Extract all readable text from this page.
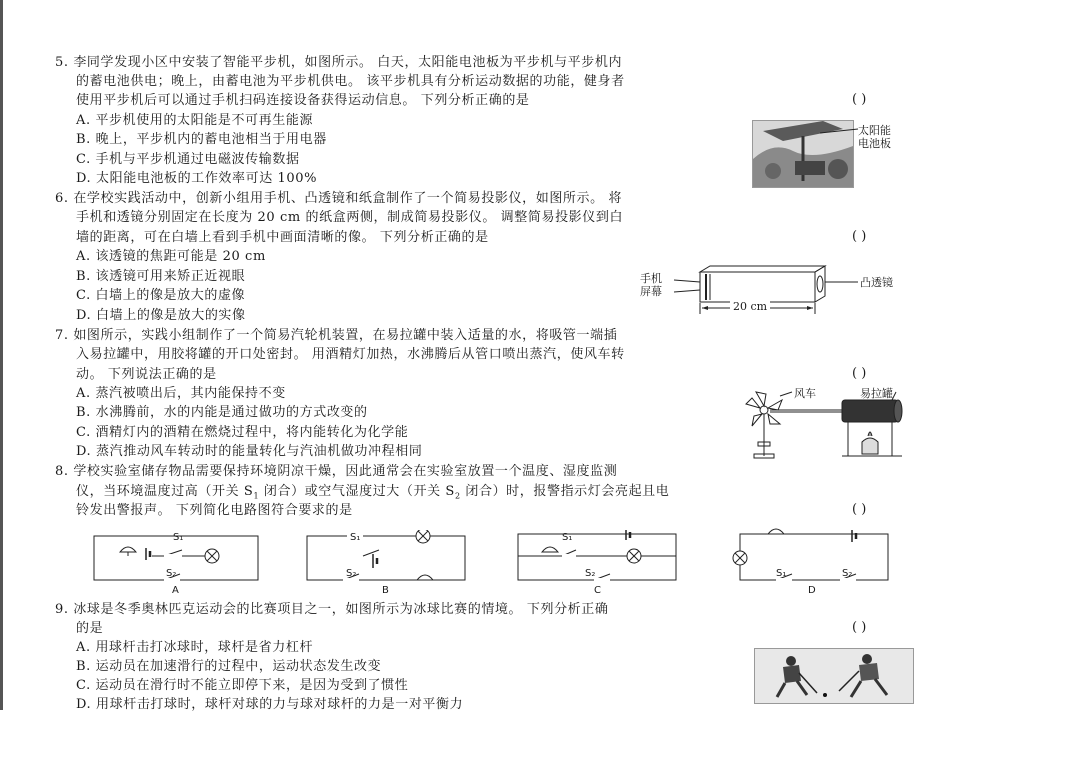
5. 李同学发现小区中安装了智能平步机，如图所示。 白天，太阳能电池板为平步机与平步机内
的蓄电池供电；晚上，由蓄电池为平步机供电。 该平步机具有分析运动数据的功能，健身者
使用平步机后可以通过手机扫码连接设备获得运动信息。 下列分析正确的是	( )
A. 平步机使用的太阳能是不可再生能源
B. 晚上，平步机内的蓄电池相当于用电器
C. 手机与平步机通过电磁波传输数据
D. 太阳能电池板的工作效率可达 100%
太阳能
电池板
6. 在学校实践活动中，创新小组用手机、凸透镜和纸盒制作了一个简易投影仪，如图所示。 将
手机和透镜分别固定在长度为 20 cm 的纸盒两侧，制成简易投影仪。 调整简易投影仪到白
墙的距离，可在白墙上看到手机中画面清晰的像。 下列分析正确的是	( )
A. 该透镜的焦距可能是 20 cm
B. 该透镜可用来矫正近视眼
C. 白墙上的像是放大的虚像
D. 白墙上的像是放大的实像
手机
屏幕
凸透镜
20 cm
7. 如图所示，实践小组制作了一个简易汽轮机装置，在易拉罐中装入适量的水，将吸管一端插
入易拉罐中，用胶将罐的开口处密封。 用酒精灯加热，水沸腾后从管口喷出蒸汽，使风车转
动。 下列说法正确的是	( )
A. 蒸汽被喷出后，其内能保持不变
B. 水沸腾前，水的内能是通过做功的方式改变的
C. 酒精灯内的酒精在燃烧过程中，将内能转化为化学能
D. 蒸汽推动风车转动时的能量转化与汽油机做功冲程相同
风车	易拉罐
8. 学校实验室储存物品需要保持环境阴凉干燥，因此通常会在实验室放置一个温度、湿度监测
仪，当环境温度过高（开关 $S_1$ 闭合）或空气湿度过大（开关 $S_2$ 闭合）时，报警指示灯会亮起且电
铃发出警报声。 下列简化电路图符合要求的是	( )
S₁
S₂
A
S₁
S₂
B
S₁
S₂
C
S₁	S₂
D
9. 冰球是冬季奥林匹克运动会的比赛项目之一，如图所示为冰球比赛的情境。 下列分析正确
的是	( )
A. 用球杆击打冰球时，球杆是省力杠杆
B. 运动员在加速滑行的过程中，运动状态发生改变
C. 运动员在滑行时不能立即停下来，是因为受到了惯性
D. 用球杆击打球时，球杆对球的力与球对球杆的力是一对平衡力
